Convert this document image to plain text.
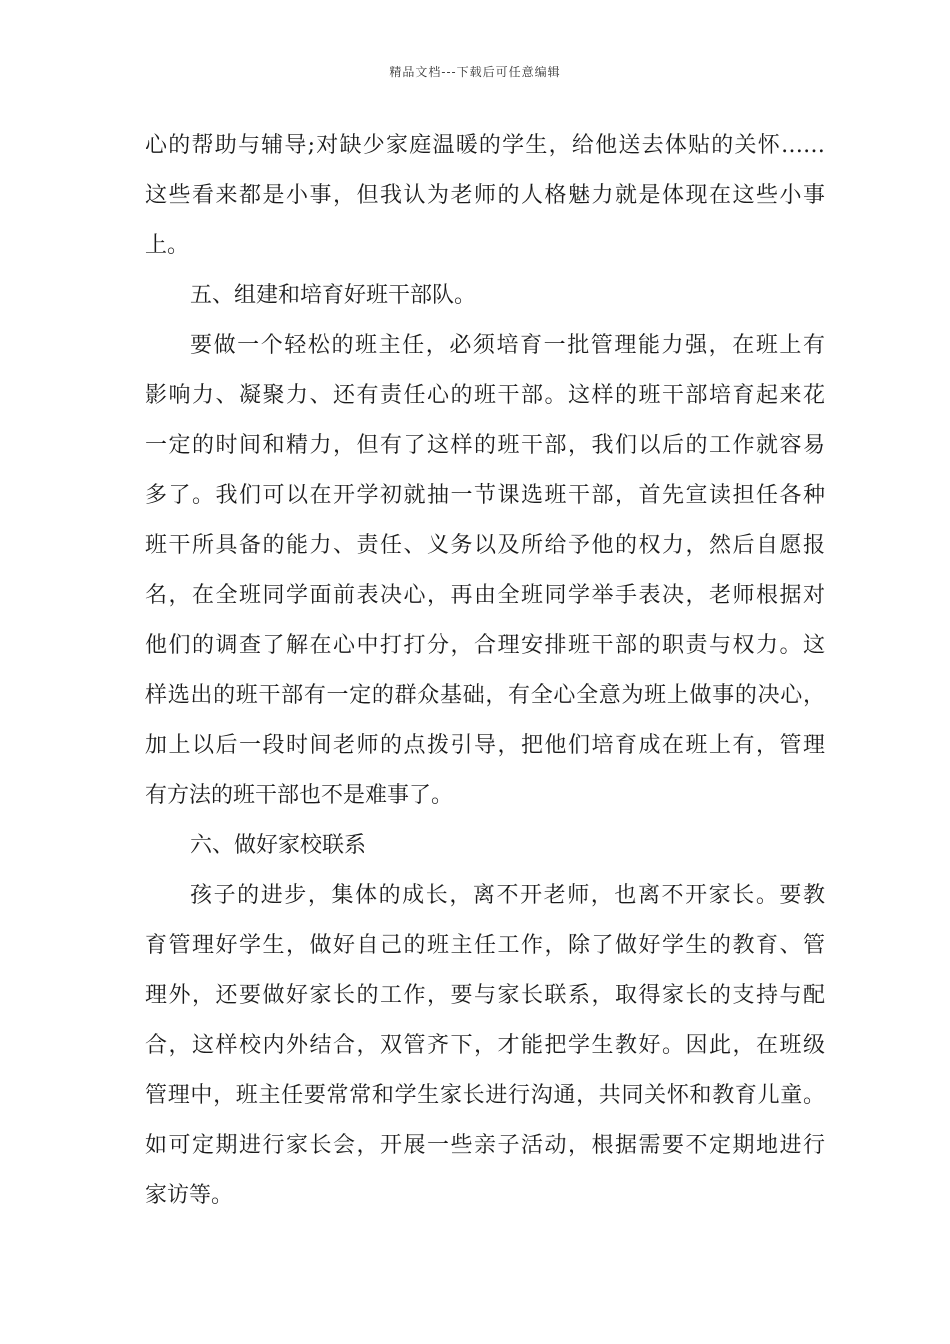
精品文档---下载后可任意编辑
心的帮助与辅导;对缺少家庭温暖的学生，给他送去体贴的关怀……
这些看来都是小事，但我认为老师的人格魅力就是体现在这些小事
上。
五、组建和培育好班干部队。
要做一个轻松的班主任，必须培育一批管理能力强，在班上有
影响力、凝聚力、还有责任心的班干部。这样的班干部培育起来花
一定的时间和精力，但有了这样的班干部，我们以后的工作就容易
多了。我们可以在开学初就抽一节课选班干部，首先宣读担任各种
班干所具备的能力、责任、义务以及所给予他的权力，然后自愿报
名，在全班同学面前表决心，再由全班同学举手表决，老师根据对
他们的调查了解在心中打打分，合理安排班干部的职责与权力。这
样选出的班干部有一定的群众基础，有全心全意为班上做事的决心，
加上以后一段时间老师的点拨引导，把他们培育成在班上有，管理
有方法的班干部也不是难事了。
六、做好家校联系
孩子的进步，集体的成长，离不开老师，也离不开家长。要教
育管理好学生，做好自己的班主任工作，除了做好学生的教育、管
理外，还要做好家长的工作，要与家长联系，取得家长的支持与配
合，这样校内外结合，双管齐下，才能把学生教好。因此，在班级
管理中，班主任要常常和学生家长进行沟通，共同关怀和教育儿童。
如可定期进行家长会，开展一些亲子活动，根据需要不定期地进行
家访等。
